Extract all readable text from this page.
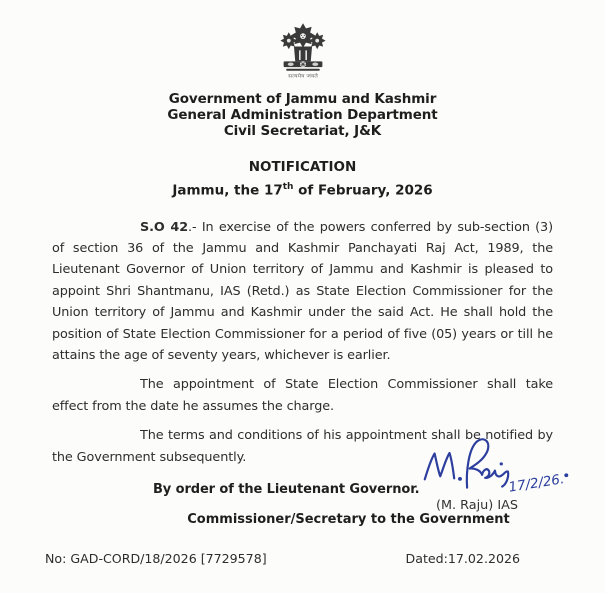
सत्यमेव जयते
Government of Jammu and Kashmir
General Administration Department
Civil Secretariat, J&K
NOTIFICATION
Jammu, the 17th of February, 2026

S.O 42.- In exercise of the powers conferred by sub-section (3) of section 36 of the Jammu and Kashmir Panchayati Raj Act, 1989, the Lieutenant Governor of Union territory of Jammu and Kashmir is pleased to appoint Shri Shantmanu, IAS (Retd.) as State Election Commissioner for the Union territory of Jammu and Kashmir under the said Act. He shall hold the position of State Election Commissioner for a period of five (05) years or till he attains the age of seventy years, whichever is earlier.

The appointment of State Election Commissioner shall take effect from the date he assumes the charge.

The terms and conditions of his appointment shall be notified by the Government subsequently.

By order of the Lieutenant Governor.	17/2/26.
(M. Raju) IAS
Commissioner/Secretary to the Government
No: GAD-CORD/18/2026 [7729578]	Dated:17.02.2026
